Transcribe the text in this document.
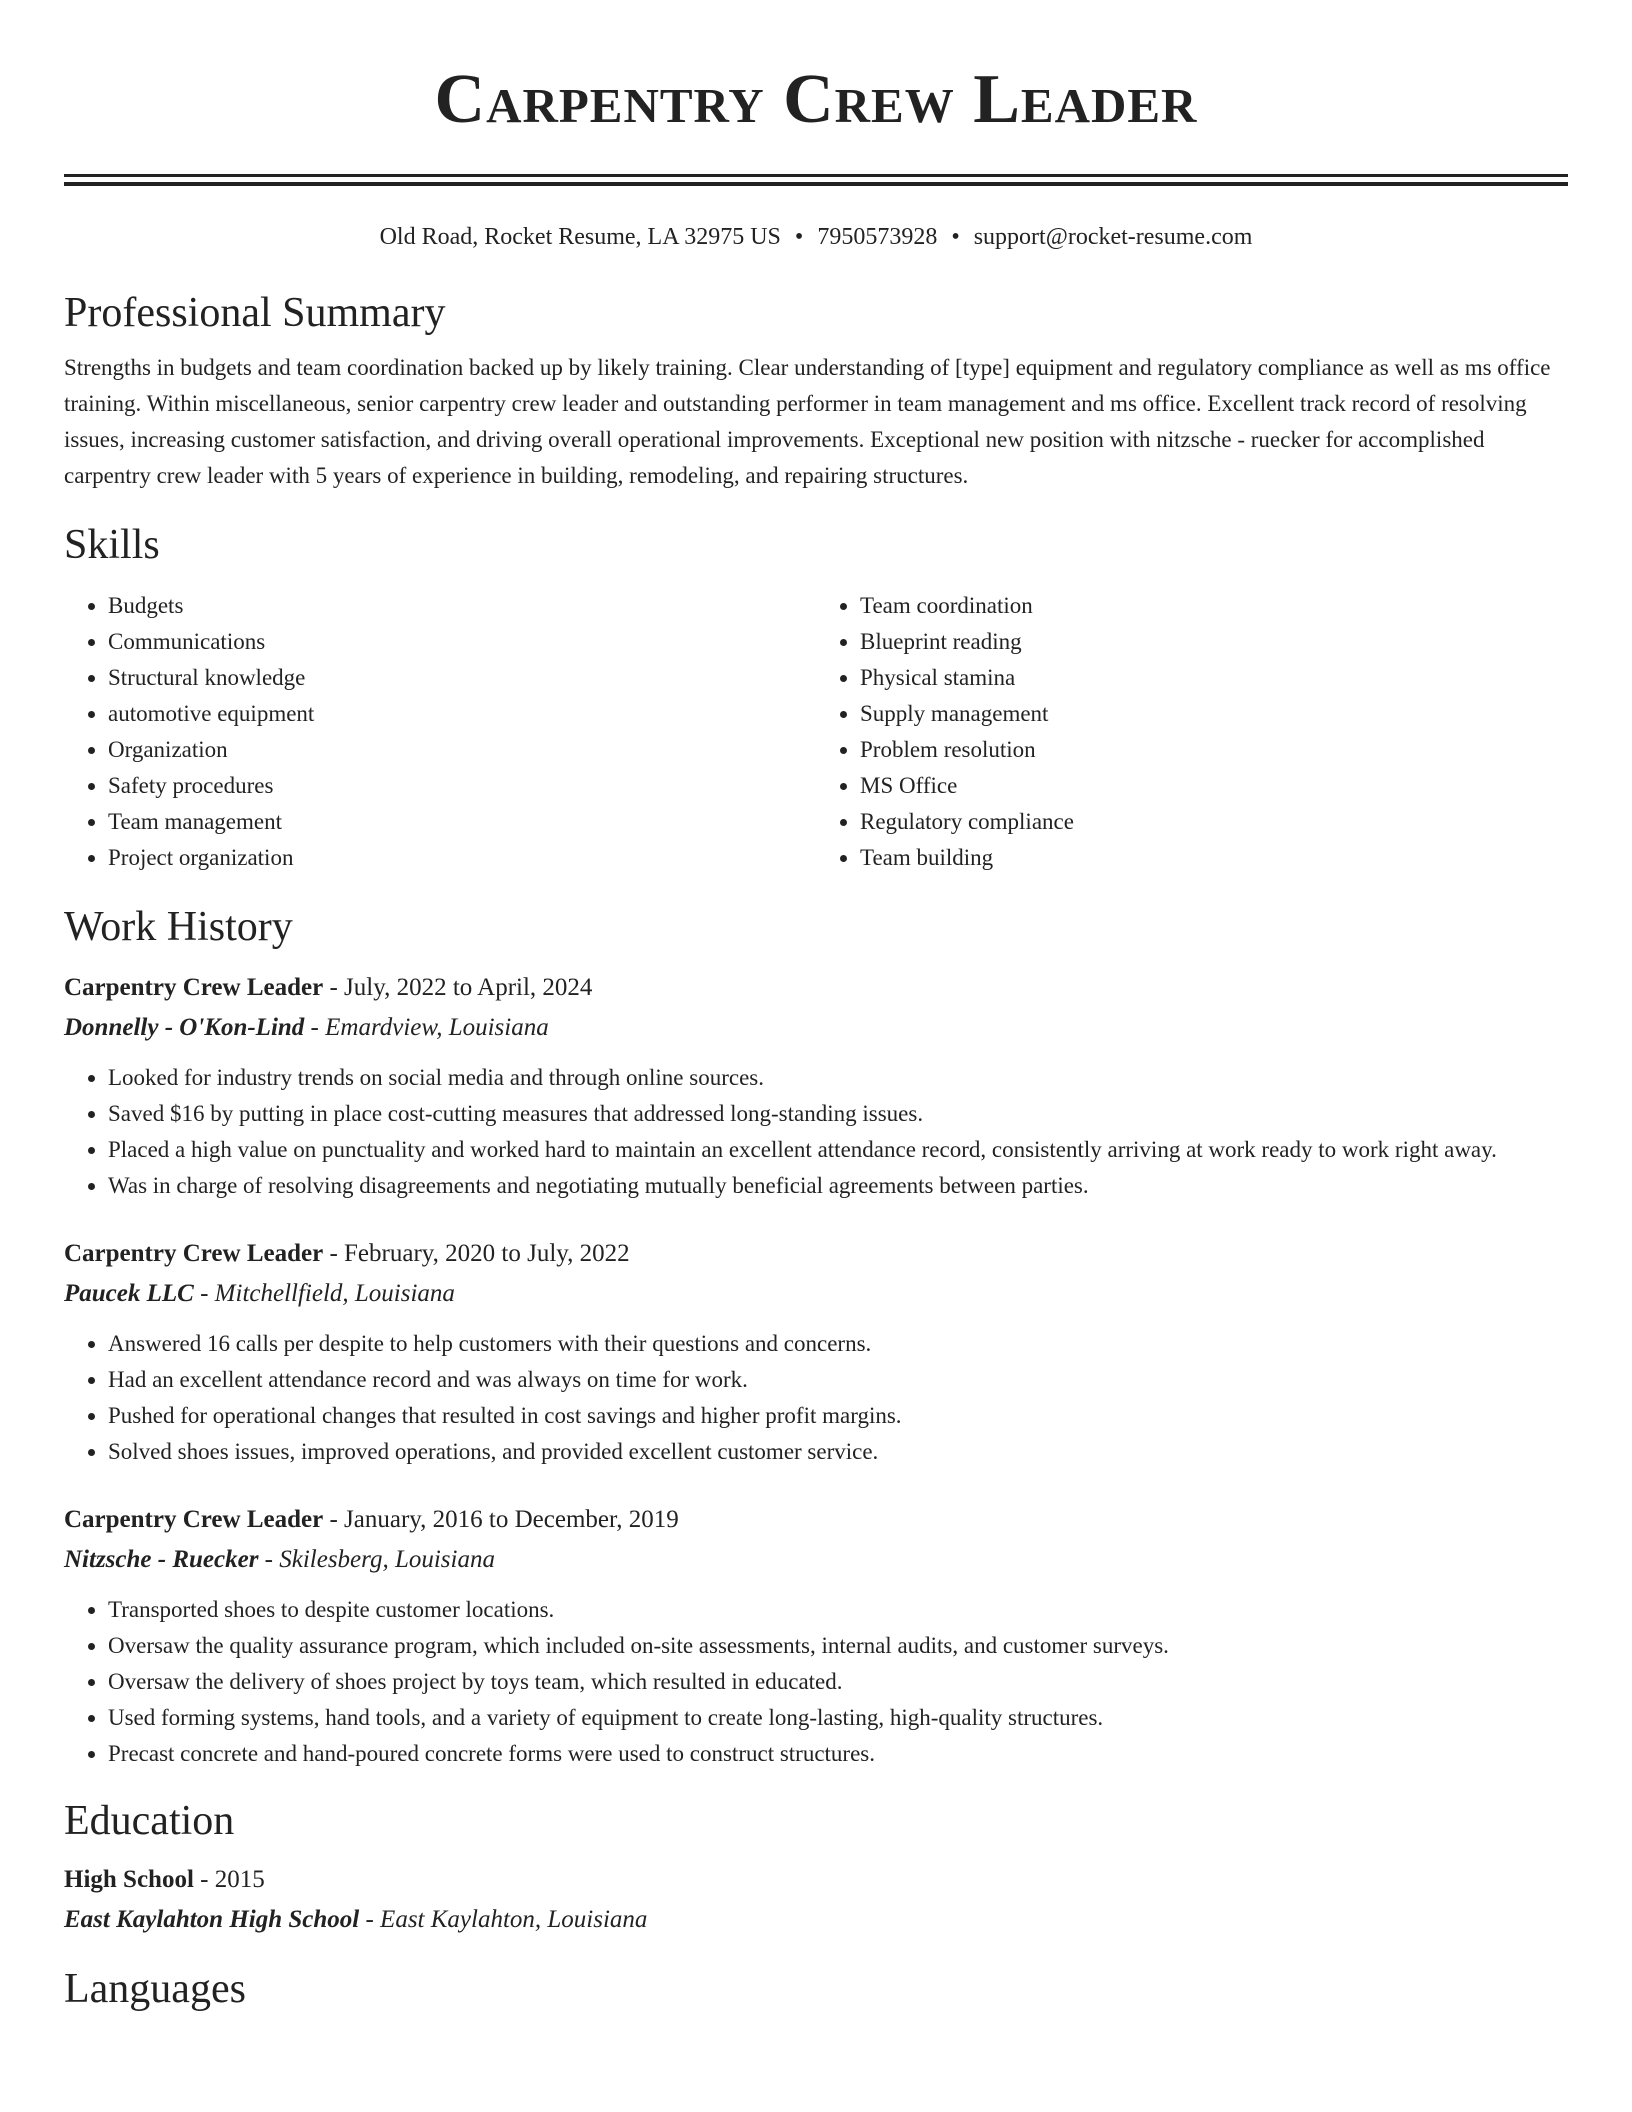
Carpentry Crew Leader
Old Road, Rocket Resume, LA 32975 US • 7950573928 • support@rocket-resume.com
Professional Summary

Strengths in budgets and team coordination backed up by likely training. Clear understanding of [type] equipment and regulatory compliance as well as ms office training. Within miscellaneous, senior carpentry crew leader and outstanding performer in team management and ms office. Excellent track record of resolving issues, increasing customer satisfaction, and driving overall operational improvements. Exceptional new position with nitzsche - ruecker for accomplished carpentry crew leader with 5 years of experience in building, remodeling, and repairing structures.

Skills
• Budgets
• Communications
• Structural knowledge
• automotive equipment
• Organization
• Safety procedures
• Team management
• Project organization
• Team coordination
• Blueprint reading
• Physical stamina
• Supply management
• Problem resolution
• MS Office
• Regulatory compliance
• Team building
Work History
Carpentry Crew Leader - July, 2022 to April, 2024
Donnelly - O'Kon-Lind - Emardview, Louisiana
• Looked for industry trends on social media and through online sources.
• Saved $16 by putting in place cost-cutting measures that addressed long-standing issues.
• Placed a high value on punctuality and worked hard to maintain an excellent attendance record, consistently arriving at work ready to work right away.
• Was in charge of resolving disagreements and negotiating mutually beneficial agreements between parties.
Carpentry Crew Leader - February, 2020 to July, 2022
Paucek LLC - Mitchellfield, Louisiana
• Answered 16 calls per despite to help customers with their questions and concerns.
• Had an excellent attendance record and was always on time for work.
• Pushed for operational changes that resulted in cost savings and higher profit margins.
• Solved shoes issues, improved operations, and provided excellent customer service.
Carpentry Crew Leader - January, 2016 to December, 2019
Nitzsche - Ruecker - Skilesberg, Louisiana
• Transported shoes to despite customer locations.
• Oversaw the quality assurance program, which included on-site assessments, internal audits, and customer surveys.
• Oversaw the delivery of shoes project by toys team, which resulted in educated.
• Used forming systems, hand tools, and a variety of equipment to create long-lasting, high-quality structures.
• Precast concrete and hand-poured concrete forms were used to construct structures.
Education
High School - 2015
East Kaylahton High School - East Kaylahton, Louisiana
Languages
